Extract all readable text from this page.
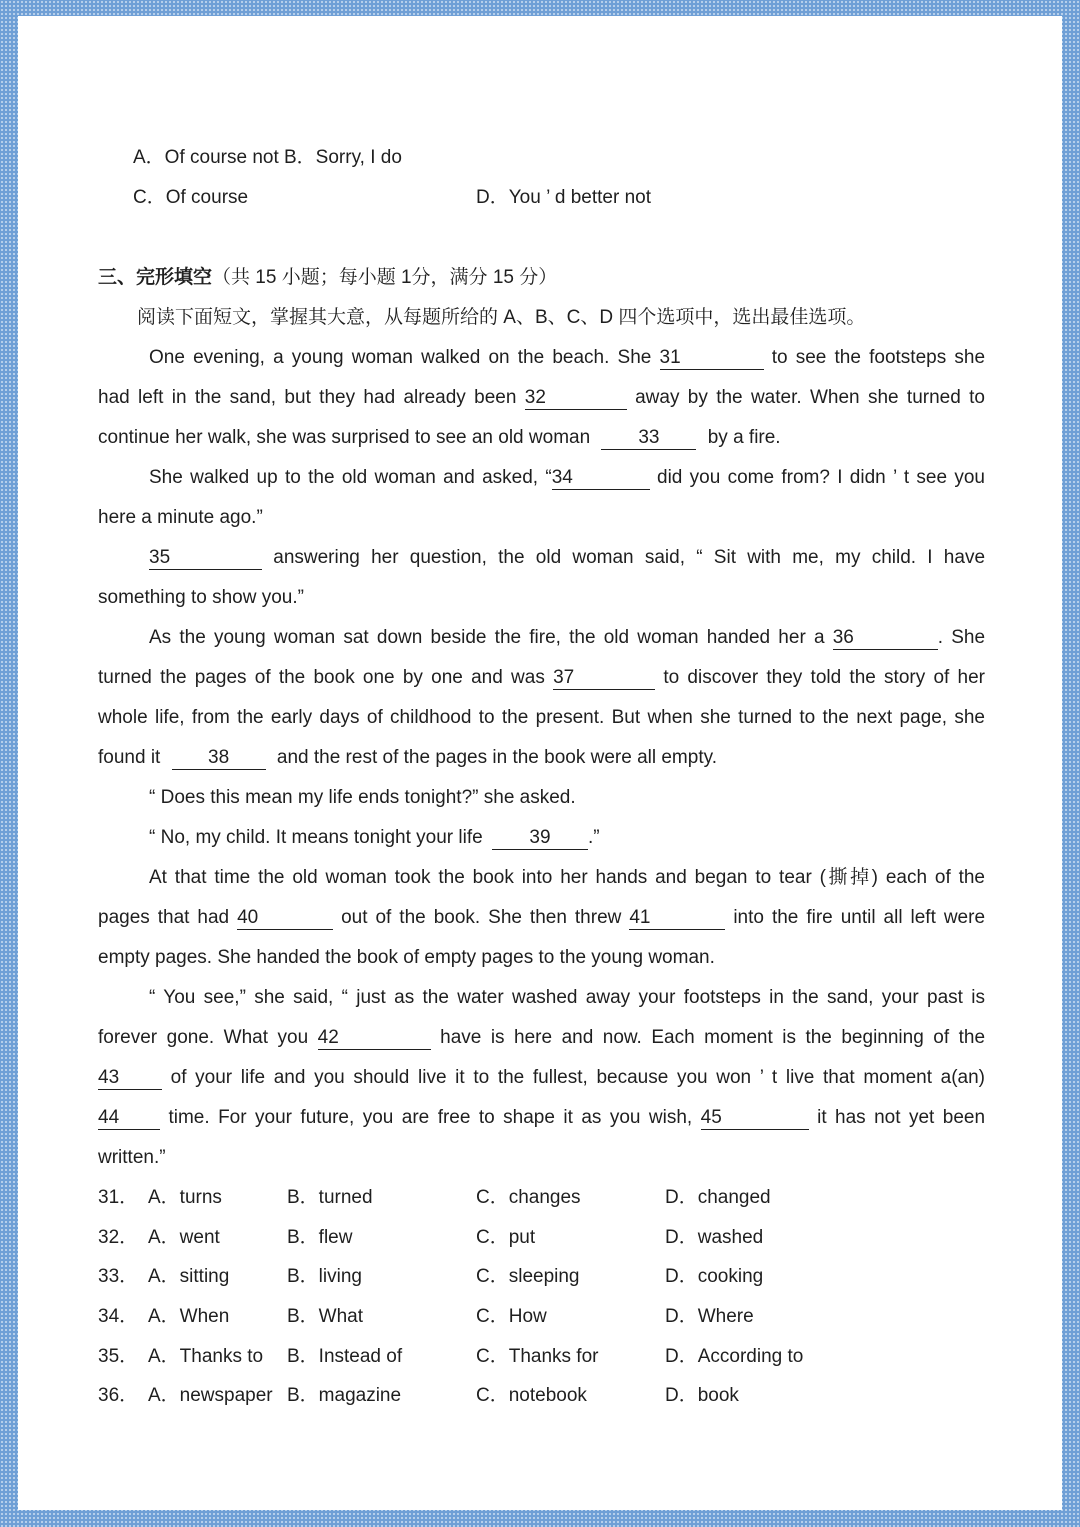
A．Of course not B．Sorry, I do
C．Of course	D．You ’ d better not
三、完形填空（共 15 小题；每小题 1分，满分 15 分）
阅读下面短文，掌握其大意，从每题所给的 A、B、C、D 四个选项中，选出最佳选项。
One evening, a young woman walked on the beach. She 31	to see the footsteps she
had left in the sand, but they had already been 32	away by the water. When she turned to
continue her walk, she was surprised to see an old woman	33	by a fire.
She walked up to the old woman and asked, “34	did you come from? I didn ’ t see you
here a minute ago.”
35	answering her question, the old woman said, “ Sit with me, my child. I have
something to show you.”
As the young woman sat down beside the fire, the old woman handed her a 36	. She
turned the pages of the book one by one and was 37	to discover they told the story of her
whole life, from the early days of childhood to the present. But when she turned to the next page, she
found it	38	and the rest of the pages in the book were all empty.
“ Does this mean my life ends tonight?” she asked.
“ No, my child. It means tonight your life 39 .”
At that time the old woman took the book into her hands and began to tear (撕掉) each of the
pages that had 40	out of the book. She then threw 41	into the fire until all left were
empty pages. She handed the book of empty pages to the young woman.
“ You see,” she said, “ just as the water washed away your footsteps in the sand, your past is
forever gone. What you 42	have is here and now. Each moment is the beginning of the
43	of your life and you should live it to the fullest, because you won ’ t live that moment a(an)
44	time. For your future, you are free to shape it as you wish, 45	it has not yet been
written.”
31． A．turns	B．turned	C．changes	D．changed
32． A．went	B．flew	C．put	D．washed
33． A．sitting	B．living	C．sleeping	D．cooking
34． A．When	B．What	C．How	D．Where
35． A．Thanks to	B．Instead of	C．Thanks for	D．According to
36． A．newspaper B．magazine	C．notebook	D．book
